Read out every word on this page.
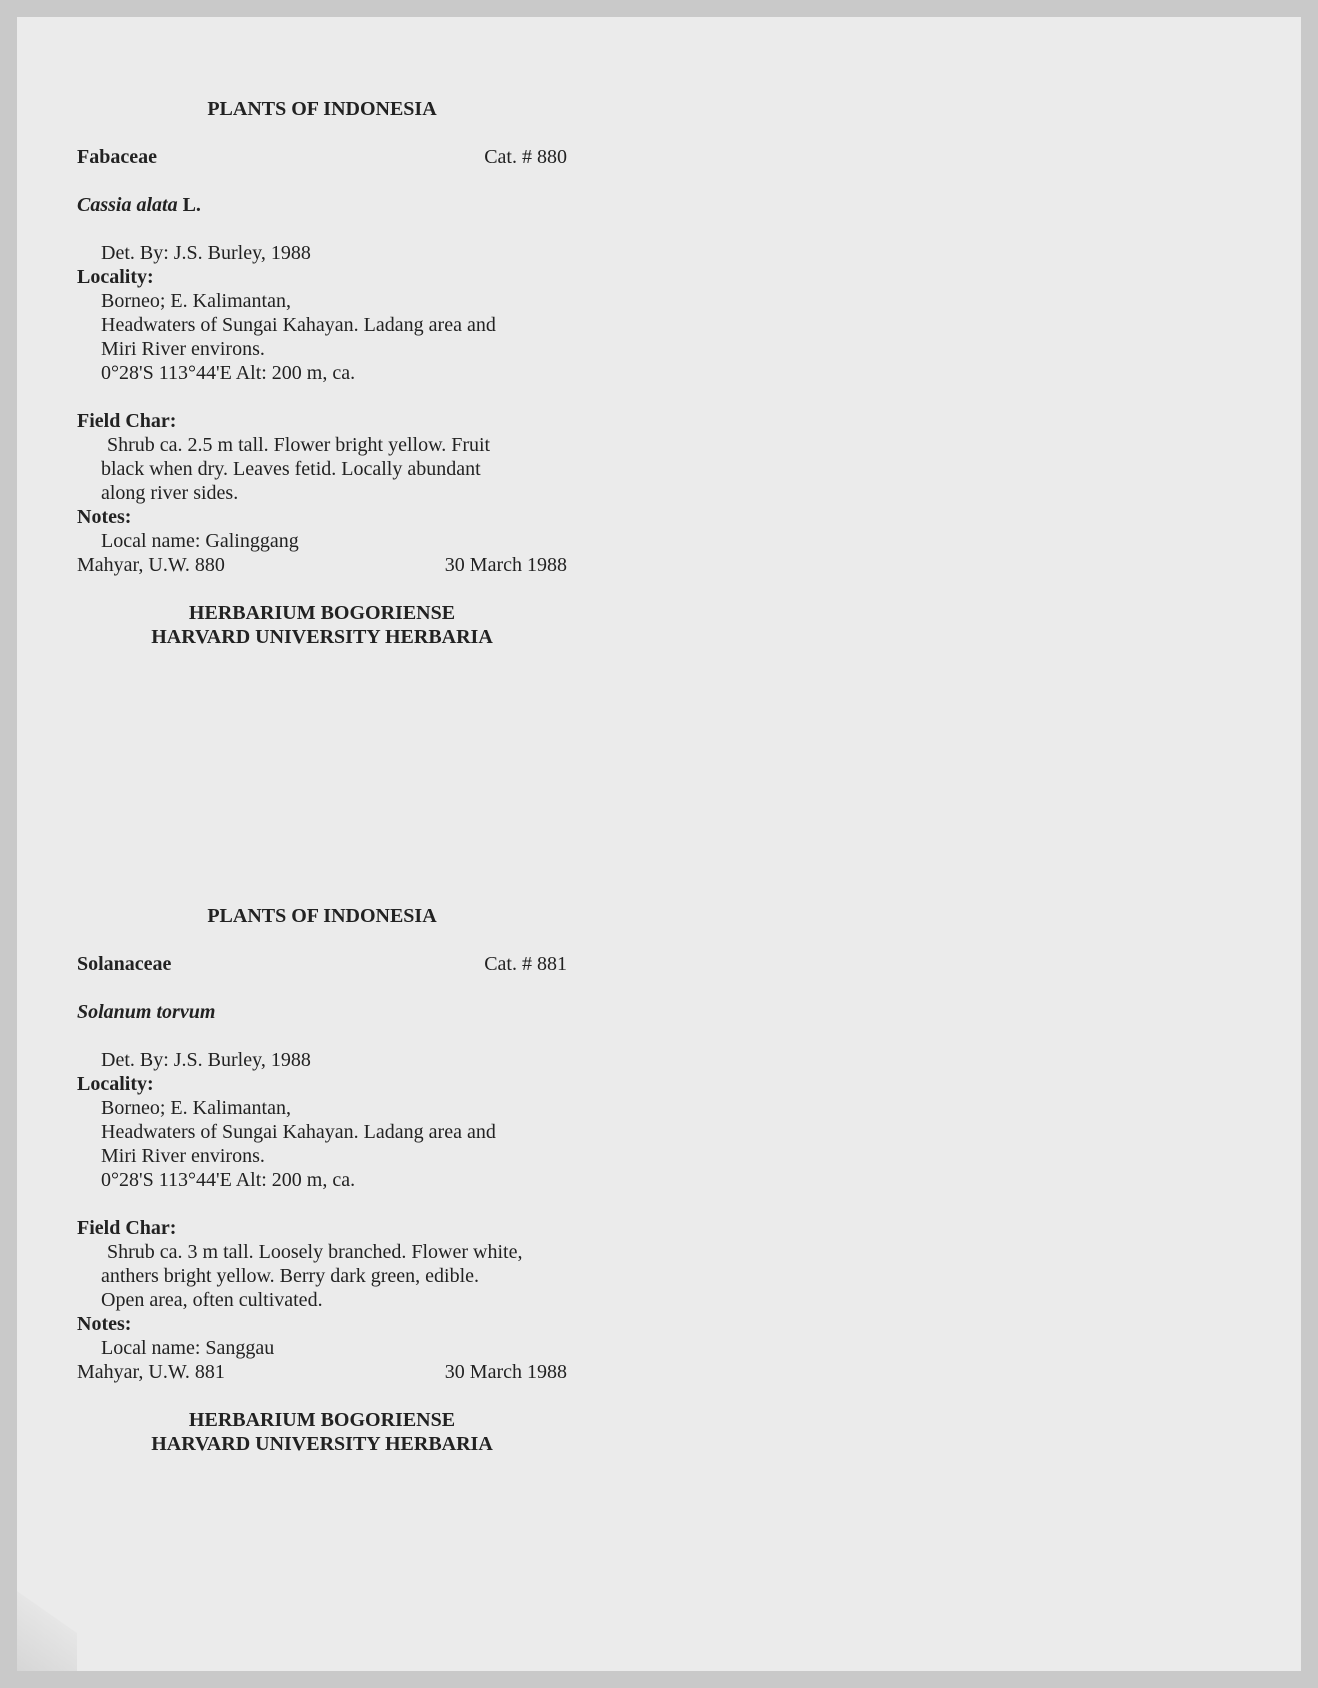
PLANTS OF INDONESIA
Fabaceae	Cat. # 880
Cassia alata L.
Det. By: J.S. Burley, 1988
Locality:
Borneo; E. Kalimantan,
Headwaters of Sungai Kahayan. Ladang area and
Miri River environs.
0°28'S 113°44'E Alt: 200 m, ca.
Field Char:
Shrub ca. 2.5 m tall. Flower bright yellow. Fruit
black when dry. Leaves fetid. Locally abundant
along river sides.
Notes:
Local name: Galinggang
Mahyar, U.W. 880	30 March 1988
HERBARIUM BOGORIENSE
HARVARD UNIVERSITY HERBARIA
PLANTS OF INDONESIA
Solanaceae	Cat. # 881
Solanum torvum
Det. By: J.S. Burley, 1988
Locality:
Borneo; E. Kalimantan,
Headwaters of Sungai Kahayan. Ladang area and
Miri River environs.
0°28'S 113°44'E Alt: 200 m, ca.
Field Char:
Shrub ca. 3 m tall. Loosely branched. Flower white,
anthers bright yellow. Berry dark green, edible.
Open area, often cultivated.
Notes:
Local name: Sanggau
Mahyar, U.W. 881	30 March 1988
HERBARIUM BOGORIENSE
HARVARD UNIVERSITY HERBARIA
